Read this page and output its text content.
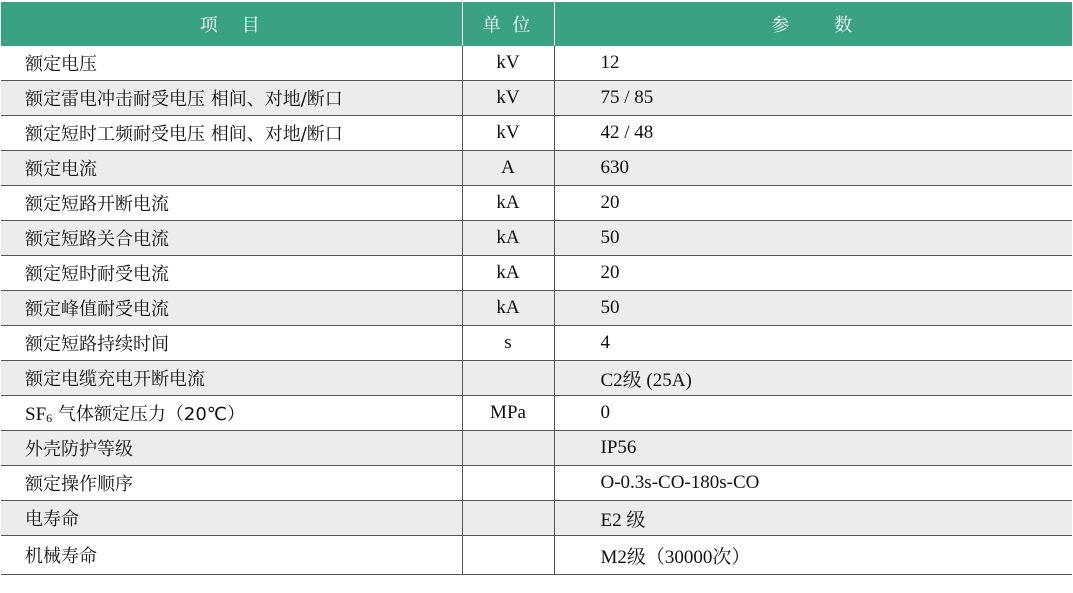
项　目	单 位	参　　数
额定电压	kV	12
额定雷电冲击耐受电压 相间、对地/断口	kV	75 / 85
额定短时工频耐受电压 相间、对地/断口	kV	42 / 48
额定电流	A	630
额定短路开断电流	kA	20
额定短路关合电流	kA	50
额定短时耐受电流	kA	20
额定峰值耐受电流	kA	50
额定短路持续时间	s	4
额定电缆充电开断电流		C2级 (25A)
$SF_6$ 气体额定压力（20℃）	MPa	0
外壳防护等级		IP56
额定操作顺序		O-0.3s-CO-180s-CO
电寿命		E2 级
机械寿命		M2级（30000次）
